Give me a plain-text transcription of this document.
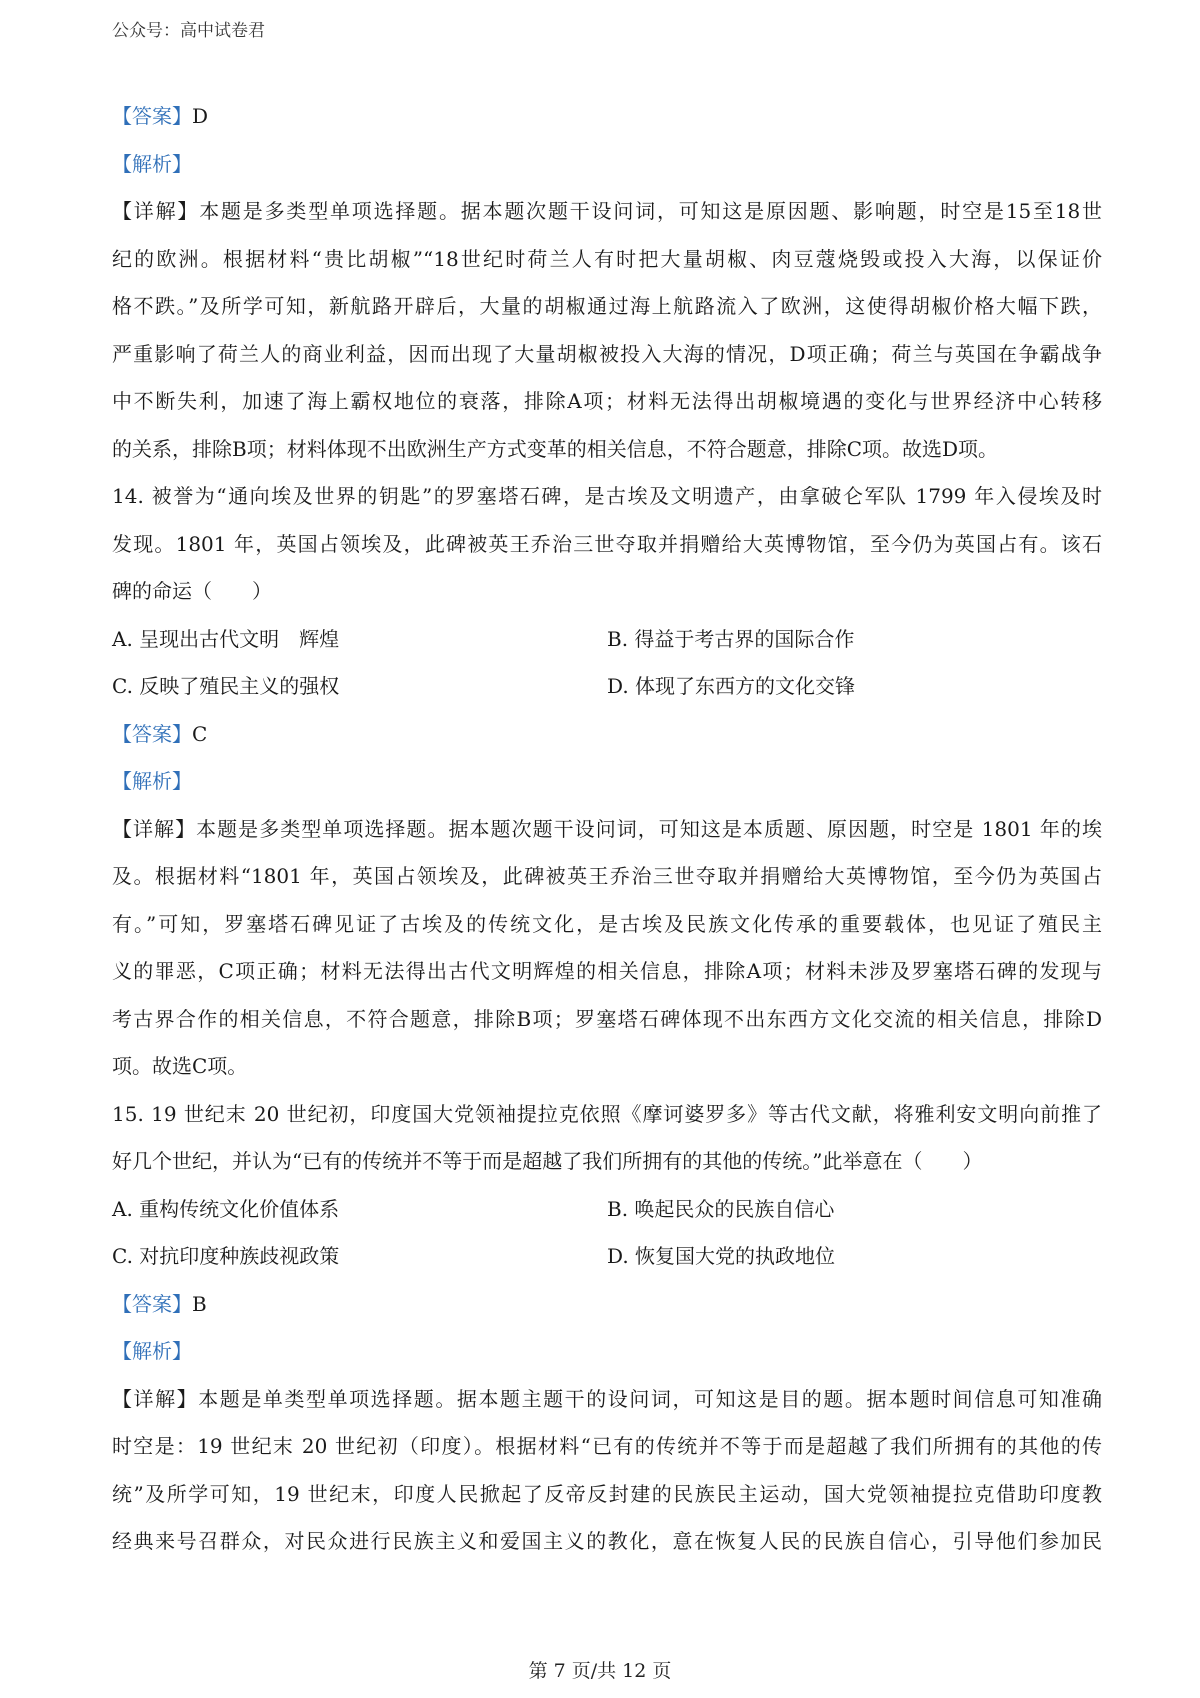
公众号：高中试卷君
【答案】D
【解析】
【详解】本题是多类型单项选择题。据本题次题干设问词，可知这是原因题、影响题，时空是15至18世
纪的欧洲。根据材料“贵比胡椒”“18世纪时荷兰人有时把大量胡椒、肉豆蔻烧毁或投入大海，以保证价
格不跌。”及所学可知，新航路开辟后，大量的胡椒通过海上航路流入了欧洲，这使得胡椒价格大幅下跌，
严重影响了荷兰人的商业利益，因而出现了大量胡椒被投入大海的情况，D项正确；荷兰与英国在争霸战争
中不断失利，加速了海上霸权地位的衰落，排除A项；材料无法得出胡椒境遇的变化与世界经济中心转移
的关系，排除B项；材料体现不出欧洲生产方式变革的相关信息，不符合题意，排除C项。故选D项。
14. 被誉为“通向埃及世界的钥匙”的罗塞塔石碑，是古埃及文明遗产，由拿破仑军队 1799 年入侵埃及时
发现。1801 年，英国占领埃及，此碑被英王乔治三世夺取并捐赠给大英博物馆，至今仍为英国占有。该石
碑的命运（　　）
A. 呈现出古代文明　辉煌	B. 得益于考古界的国际合作
C. 反映了殖民主义的强权	D. 体现了东西方的文化交锋
【答案】C
【解析】
【详解】本题是多类型单项选择题。据本题次题干设问词，可知这是本质题、原因题，时空是 1801 年的埃
及。根据材料“1801 年，英国占领埃及，此碑被英王乔治三世夺取并捐赠给大英博物馆，至今仍为英国占
有。”可知，罗塞塔石碑见证了古埃及的传统文化，是古埃及民族文化传承的重要载体，也见证了殖民主
义的罪恶，C项正确；材料无法得出古代文明辉煌的相关信息，排除A项；材料未涉及罗塞塔石碑的发现与
考古界合作的相关信息，不符合题意，排除B项；罗塞塔石碑体现不出东西方文化交流的相关信息，排除D
项。故选C项。
15. 19 世纪末 20 世纪初，印度国大党领袖提拉克依照《摩诃婆罗多》等古代文献，将雅利安文明向前推了
好几个世纪，并认为“已有的传统并不等于而是超越了我们所拥有的其他的传统。”此举意在（　　）
A. 重构传统文化价值体系	B. 唤起民众的民族自信心
C. 对抗印度种族歧视政策	D. 恢复国大党的执政地位
【答案】B
【解析】
【详解】本题是单类型单项选择题。据本题主题干的设问词，可知这是目的题。据本题时间信息可知准确
时空是：19 世纪末 20 世纪初（印度）。根据材料“已有的传统并不等于而是超越了我们所拥有的其他的传
统”及所学可知，19 世纪末，印度人民掀起了反帝反封建的民族民主运动，国大党领袖提拉克借助印度教
经典来号召群众，对民众进行民族主义和爱国主义的教化，意在恢复人民的民族自信心，引导他们参加民
第 7 页/共 12 页
